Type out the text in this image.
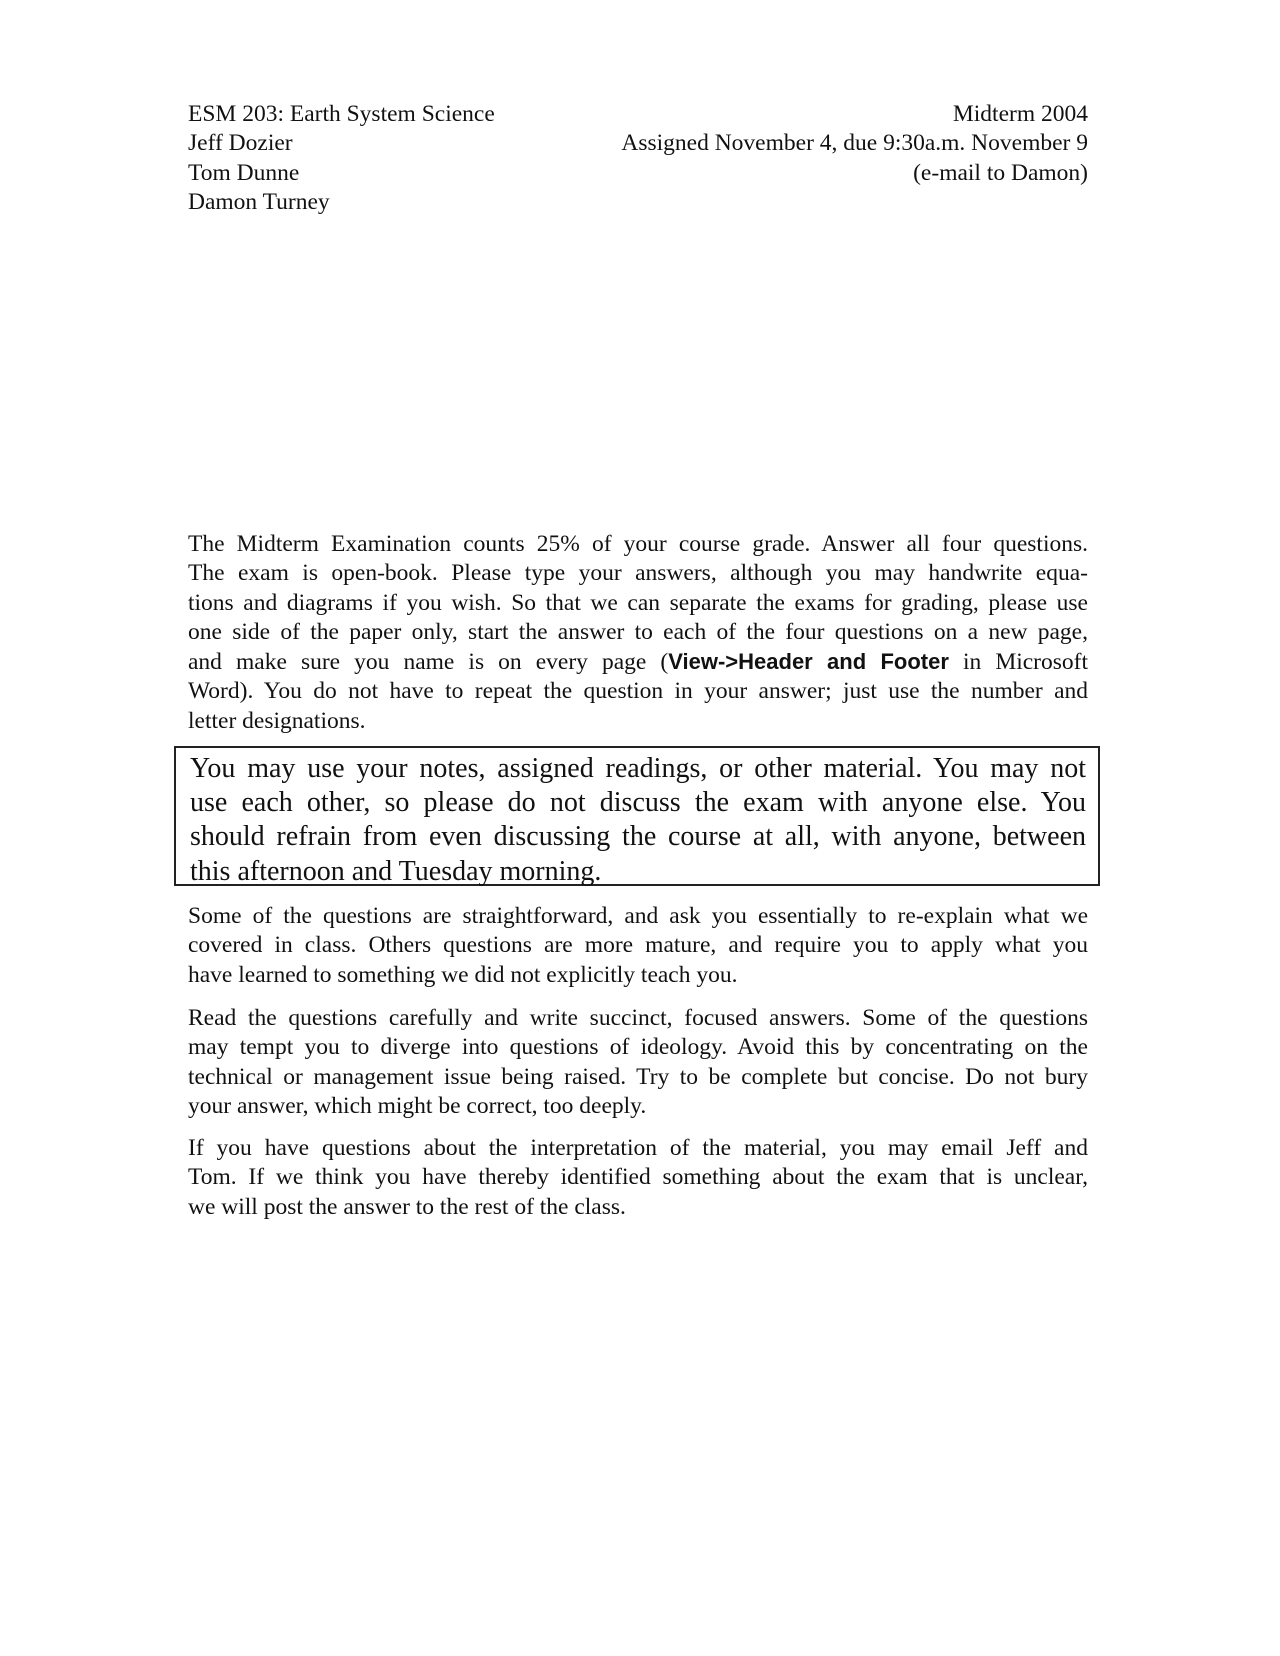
ESM 203: Earth System Science
Jeff Dozier
Tom Dunne
Damon Turney
Midterm 2004
Assigned November 4, due 9:30a.m. November 9
(e-mail to Damon)
The Midterm Examination counts 25% of your course grade. Answer all four questions.
The exam is open-book. Please type your answers, although you may handwrite equa-
tions and diagrams if you wish. So that we can separate the exams for grading, please use
one side of the paper only, start the answer to each of the four questions on a new page,
and make sure you name is on every page (View->Header and Footer in Microsoft
Word). You do not have to repeat the question in your answer; just use the number and
letter designations.
You may use your notes, assigned readings, or other material. You may not
use each other, so please do not discuss the exam with anyone else. You
should refrain from even discussing the course at all, with anyone, between
this afternoon and Tuesday morning.
Some of the questions are straightforward, and ask you essentially to re-explain what we
covered in class. Others questions are more mature, and require you to apply what you
have learned to something we did not explicitly teach you.
Read the questions carefully and write succinct, focused answers. Some of the questions
may tempt you to diverge into questions of ideology. Avoid this by concentrating on the
technical or management issue being raised. Try to be complete but concise. Do not bury
your answer, which might be correct, too deeply.
If you have questions about the interpretation of the material, you may email Jeff and
Tom. If we think you have thereby identified something about the exam that is unclear,
we will post the answer to the rest of the class.
